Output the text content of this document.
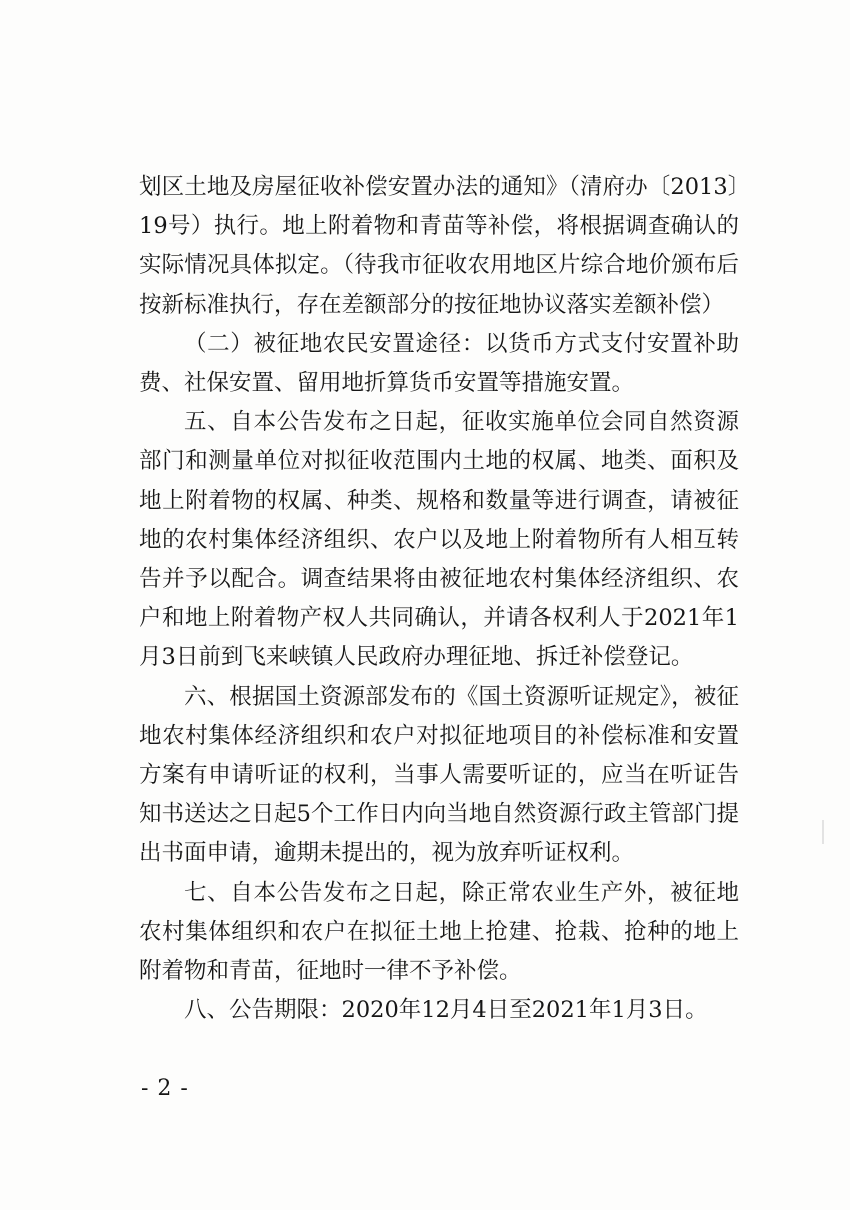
划区土地及房屋征收补偿安置办法的通知》（清府办〔2013〕19号）执行。地上附着物和青苗等补偿，将根据调查确认的实际情况具体拟定。（待我市征收农用地区片综合地价颁布后按新标准执行，存在差额部分的按征地协议落实差额补偿）

（二）被征地农民安置途径：以货币方式支付安置补助费、社保安置、留用地折算货币安置等措施安置。

五、自本公告发布之日起，征收实施单位会同自然资源部门和测量单位对拟征收范围内土地的权属、地类、面积及地上附着物的权属、种类、规格和数量等进行调查，请被征地的农村集体经济组织、农户以及地上附着物所有人相互转告并予以配合。调查结果将由被征地农村集体经济组织、农户和地上附着物产权人共同确认，并请各权利人于2021年1月3日前到飞来峡镇人民政府办理征地、拆迁补偿登记。

六、根据国土资源部发布的《国土资源听证规定》，被征地农村集体经济组织和农户对拟征地项目的补偿标准和安置方案有申请听证的权利，当事人需要听证的，应当在听证告知书送达之日起5个工作日内向当地自然资源行政主管部门提出书面申请，逾期未提出的，视为放弃听证权利。

七、自本公告发布之日起，除正常农业生产外，被征地农村集体组织和农户在拟征土地上抢建、抢栽、抢种的地上附着物和青苗，征地时一律不予补偿。

八、公告期限：2020年12月4日至2021年1月3日。

- 2 -
